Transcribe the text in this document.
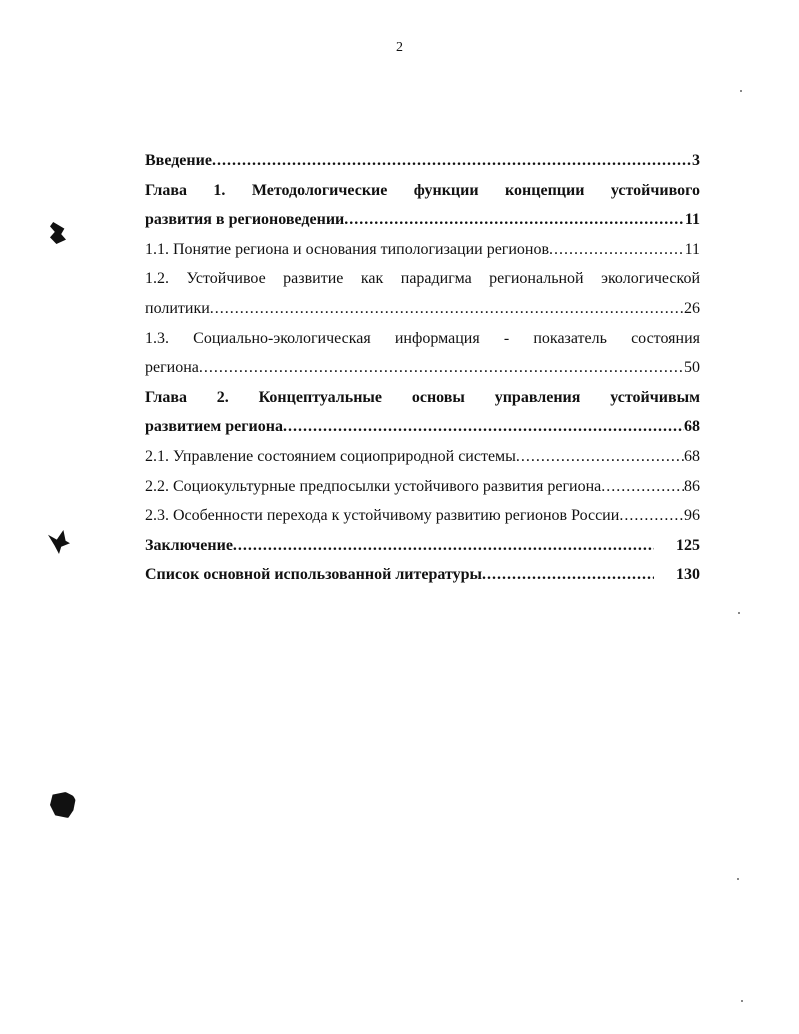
2
Введение .....	3
Глава 1. Методологические функции концепции устойчивого
развития в регионоведении .....	11
1.1. Понятие региона и основания типологизации регионов .....	11
1.2. Устойчивое развитие как парадигма региональной экологической
политики .....	26
1.3. Социально-экологическая информация - показатель состояния
региона .....	50
Глава 2. Концептуальные основы управления устойчивым
развитием региона .....	68
2.1. Управление состоянием социоприродной системы .....	68
2.2. Социокультурные предпосылки устойчивого развития региона .....	86
2.3. Особенности перехода к устойчивому развитию регионов России .....	96
Заключение .....	125
Список основной использованной литературы .....	130
